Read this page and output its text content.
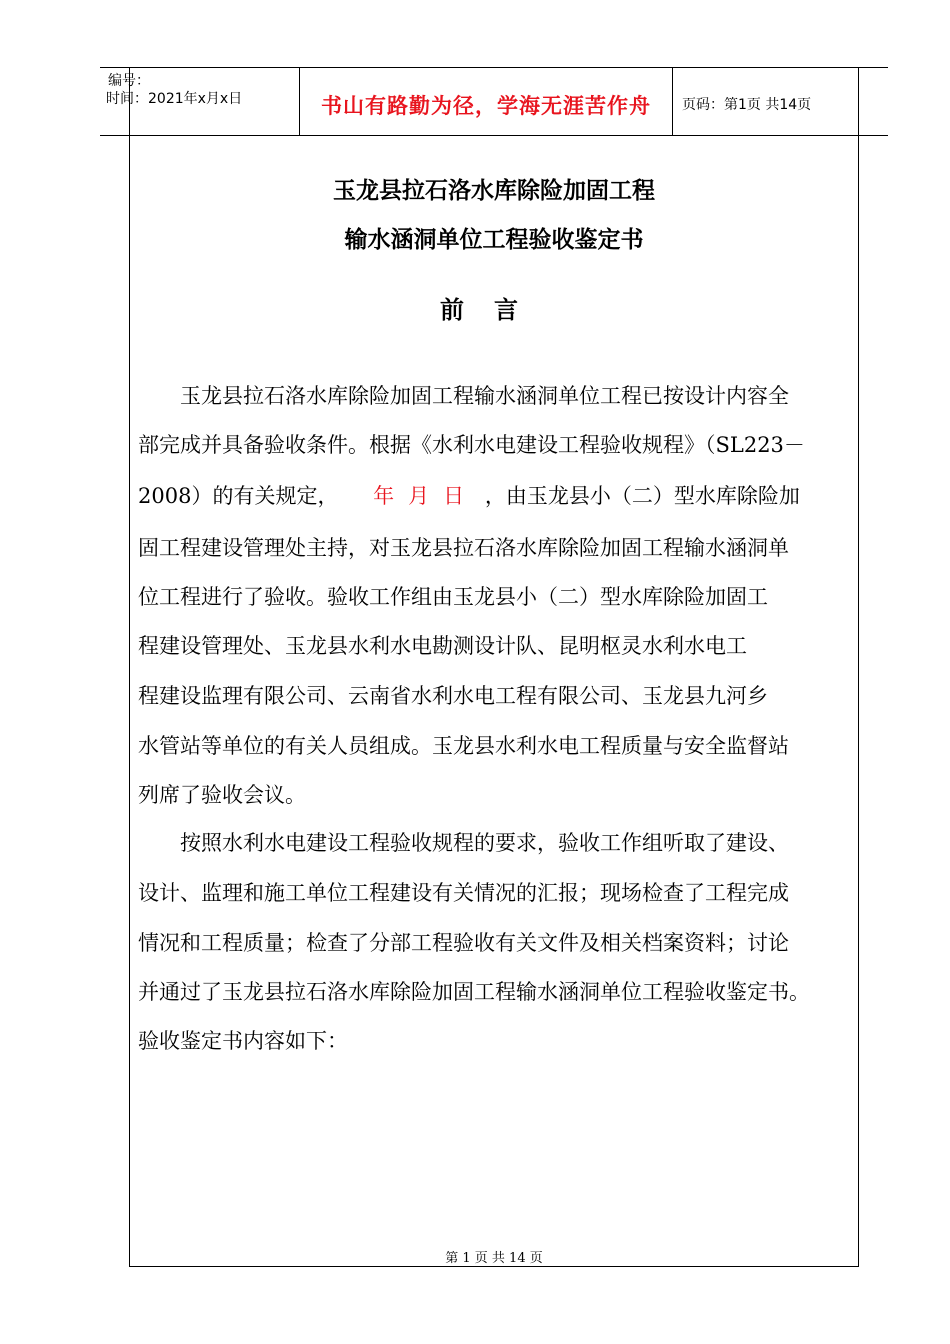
编号：
时间：2021年x月x日	书山有路勤为径，学海无涯苦作舟	页码：第1页 共14页
玉龙县拉石洛水库除险加固工程
输水涵洞单位工程验收鉴定书
前言
玉龙县拉石洛水库除险加固工程输水涵洞单位工程已按设计内容全
部完成并具备验收条件。根据《水利水电建设工程验收规程》（SL223－
2008）的有关规定， 年月日 ，由玉龙县小（二）型水库除险加
固工程建设管理处主持，对玉龙县拉石洛水库除险加固工程输水涵洞单
位工程进行了验收。验收工作组由玉龙县小（二）型水库除险加固工
程建设管理处、玉龙县水利水电勘测设计队、昆明枢灵水利水电工
程建设监理有限公司、云南省水利水电工程有限公司、玉龙县九河乡
水管站等单位的有关人员组成。玉龙县水利水电工程质量与安全监督站
列席了验收会议。
按照水利水电建设工程验收规程的要求，验收工作组听取了建设、
设计、监理和施工单位工程建设有关情况的汇报；现场检查了工程完成
情况和工程质量；检查了分部工程验收有关文件及相关档案资料；讨论
并通过了玉龙县拉石洛水库除险加固工程输水涵洞单位工程验收鉴定书。
验收鉴定书内容如下：
第 1 页 共 14 页
